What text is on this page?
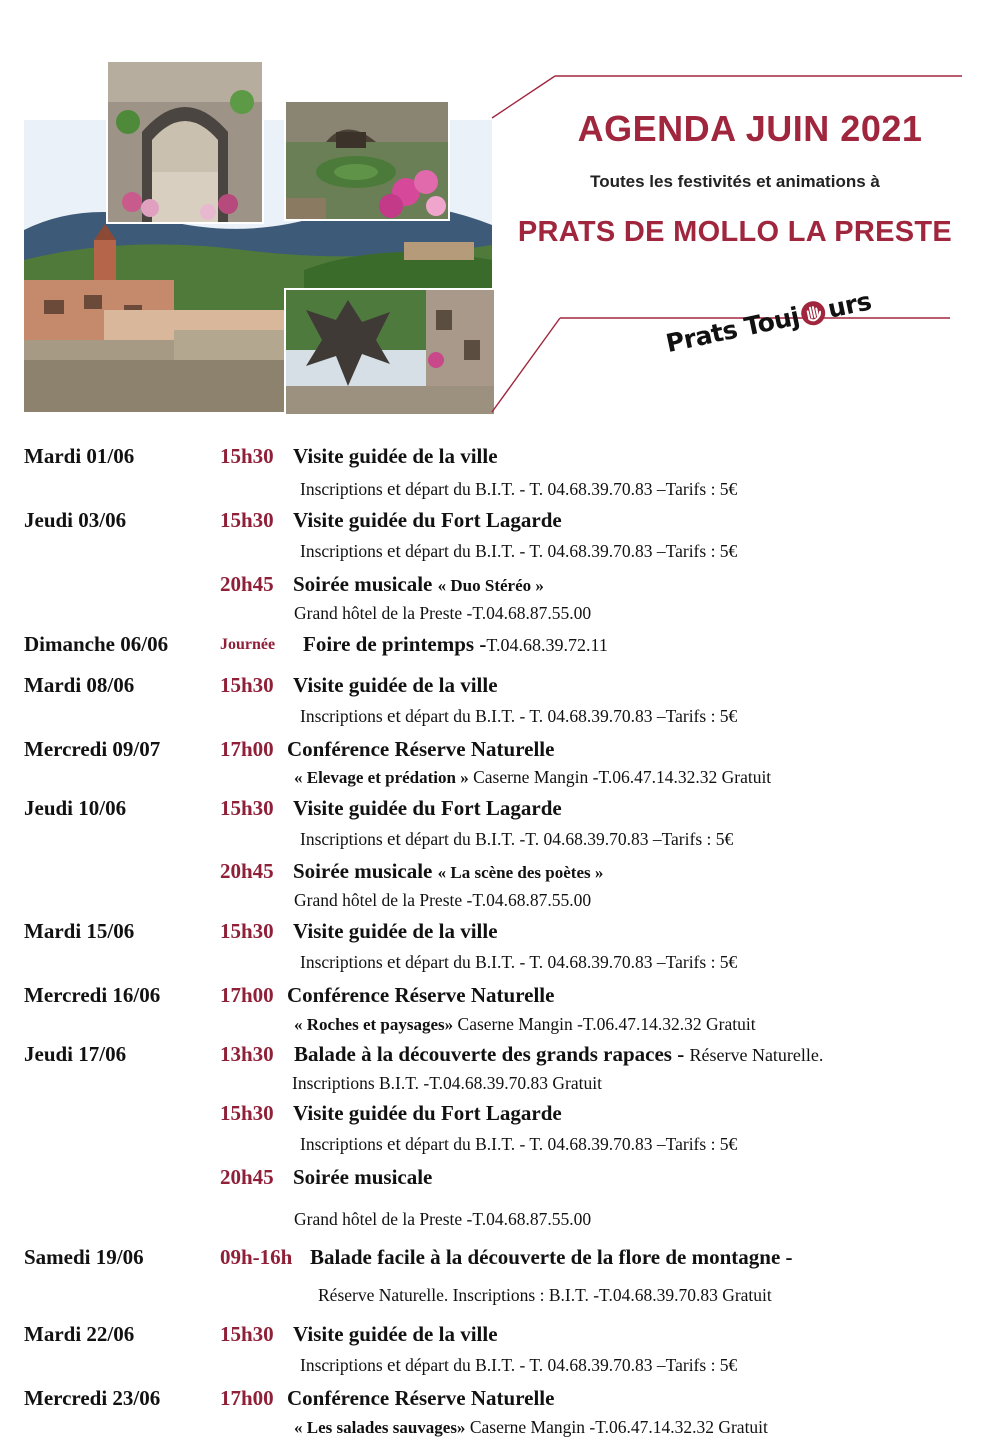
AGENDA JUIN 2021
Toutes les festivités et animations à
PRATS DE MOLLO LA PRESTE
Prats Touj urs
Mardi 01/06	15h30 Visite guidée de la ville
Inscriptions et départ du B.I.T. - T. 04.68.39.70.83 –Tarifs : 5€
Jeudi 03/06	15h30 Visite guidée du Fort Lagarde
Inscriptions et départ du B.I.T. - T. 04.68.39.70.83 –Tarifs : 5€
20h45 Soirée musicale « Duo Stéréo »
Grand hôtel de la Preste -T.04.68.87.55.00
Dimanche 06/06	Journée Foire de printemps -T.04.68.39.72.11
Mardi 08/06	15h30 Visite guidée de la ville
Inscriptions et départ du B.I.T. - T. 04.68.39.70.83 –Tarifs : 5€
Mercredi 09/07	17h00 Conférence Réserve Naturelle
« Elevage et prédation » Caserne Mangin -T.06.47.14.32.32 Gratuit
Jeudi 10/06	15h30 Visite guidée du Fort Lagarde
Inscriptions et départ du B.I.T. -T. 04.68.39.70.83 –Tarifs : 5€
20h45 Soirée musicale « La scène des poètes »
Grand hôtel de la Preste -T.04.68.87.55.00
Mardi 15/06	15h30 Visite guidée de la ville
Inscriptions et départ du B.I.T. - T. 04.68.39.70.83 –Tarifs : 5€
Mercredi 16/06	17h00 Conférence Réserve Naturelle
« Roches et paysages» Caserne Mangin -T.06.47.14.32.32 Gratuit
Jeudi 17/06	13h30 Balade à la découverte des grands rapaces - Réserve Naturelle.
Inscriptions B.I.T. -T.04.68.39.70.83 Gratuit
15h30 Visite guidée du Fort Lagarde
Inscriptions et départ du B.I.T. - T. 04.68.39.70.83 –Tarifs : 5€
20h45 Soirée musicale
Grand hôtel de la Preste -T.04.68.87.55.00
Samedi 19/06	09h-16h Balade facile à la découverte de la flore de montagne -
Réserve Naturelle. Inscriptions : B.I.T. -T.04.68.39.70.83 Gratuit
Mardi 22/06	15h30 Visite guidée de la ville
Inscriptions et départ du B.I.T. - T. 04.68.39.70.83 –Tarifs : 5€
Mercredi 23/06	17h00 Conférence Réserve Naturelle
« Les salades sauvages» Caserne Mangin -T.06.47.14.32.32 Gratuit
